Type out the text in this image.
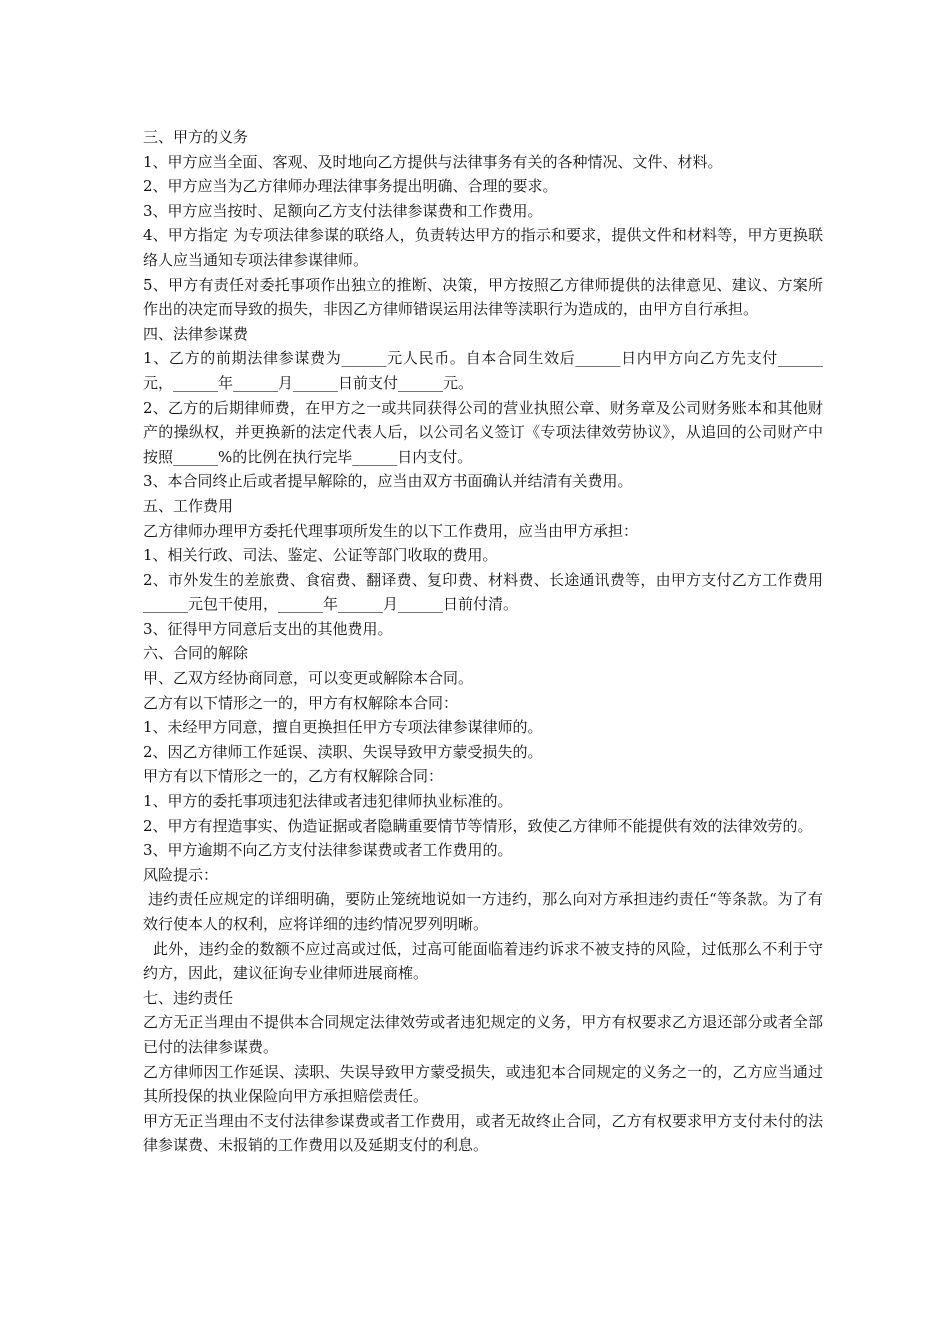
三、甲方的义务

1、甲方应当全面、客观、及时地向乙方提供与法律事务有关的各种情况、文件、材料。

2、甲方应当为乙方律师办理法律事务提出明确、合理的要求。

3、甲方应当按时、足额向乙方支付法律参谋费和工作费用。

4、甲方指定 为专项法律参谋的联络人，负责转达甲方的指示和要求，提供文件和材料等，甲方更换联络人应当通知专项法律参谋律师。

5、甲方有责任对委托事项作出独立的推断、决策，甲方按照乙方律师提供的法律意见、建议、方案所作出的决定而导致的损失，非因乙方律师错误运用法律等渎职行为造成的，由甲方自行承担。

四、法律参谋费

1、乙方的前期法律参谋费为______元人民币。自本合同生效后______日内甲方向乙方先支付______元，______年______月______日前支付______元。

2、乙方的后期律师费，在甲方之一或共同获得公司的营业执照公章、财务章及公司财务账本和其他财产的操纵权，并更换新的法定代表人后，以公司名义签订《专项法律效劳协议》，从追回的公司财产中按照______%的比例在执行完毕______日内支付。

3、本合同终止后或者提早解除的，应当由双方书面确认并结清有关费用。

五、工作费用

乙方律师办理甲方委托代理事项所发生的以下工作费用，应当由甲方承担：

1、相关行政、司法、鉴定、公证等部门收取的费用。

2、市外发生的差旅费、食宿费、翻译费、复印费、材料费、长途通讯费等，由甲方支付乙方工作费用______元包干使用，______年______月______日前付清。

3、征得甲方同意后支出的其他费用。

六、合同的解除

甲、乙双方经协商同意，可以变更或解除本合同。

乙方有以下情形之一的，甲方有权解除本合同：

1、未经甲方同意，擅自更换担任甲方专项法律参谋律师的。

2、因乙方律师工作延误、渎职、失误导致甲方蒙受损失的。

甲方有以下情形之一的，乙方有权解除合同：

1、甲方的委托事项违犯法律或者违犯律师执业标准的。

2、甲方有捏造事实、伪造证据或者隐瞒重要情节等情形，致使乙方律师不能提供有效的法律效劳的。

3、甲方逾期不向乙方支付法律参谋费或者工作费用的。

风险提示：

违约责任应规定的详细明确，要防止笼统地说如一方违约，那么向对方承担违约责任“等条款。为了有效行使本人的权利，应将详细的违约情况罗列明晰。

此外，违约金的数额不应过高或过低，过高可能面临着违约诉求不被支持的风险，过低那么不利于守约方，因此，建议征询专业律师进展商榷。

七、违约责任

乙方无正当理由不提供本合同规定法律效劳或者违犯规定的义务，甲方有权要求乙方退还部分或者全部已付的法律参谋费。

乙方律师因工作延误、渎职、失误导致甲方蒙受损失，或违犯本合同规定的义务之一的，乙方应当通过其所投保的执业保险向甲方承担赔偿责任。

甲方无正当理由不支付法律参谋费或者工作费用，或者无故终止合同，乙方有权要求甲方支付未付的法律参谋费、未报销的工作费用以及延期支付的利息。
